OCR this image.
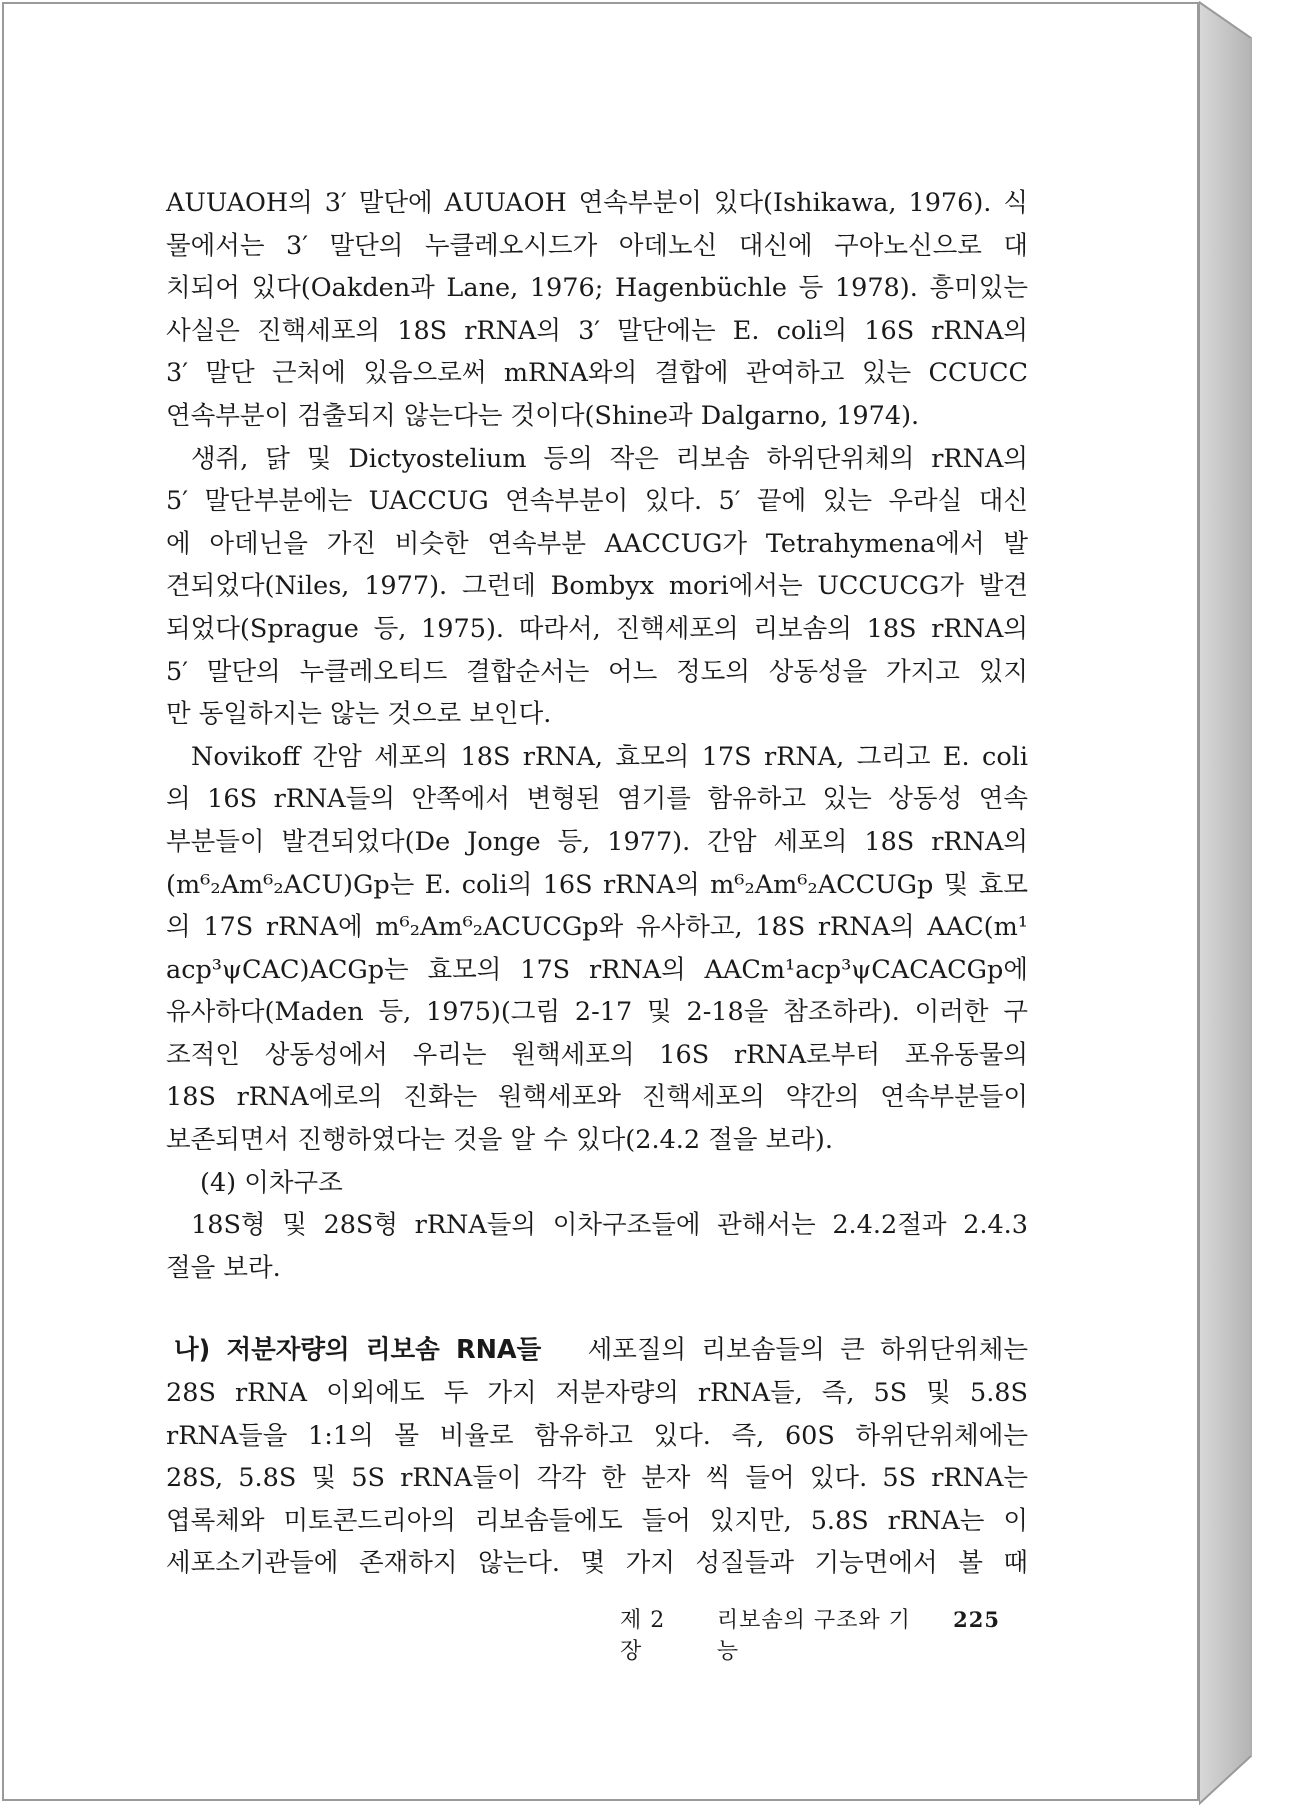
AUUAOH의 3′ 말단에 AUUAOH 연속부분이 있다(Ishikawa, 1976). 식

물에서는 3′ 말단의 누클레오시드가 아데노신 대신에 구아노신으로 대

치되어 있다(Oakden과 Lane, 1976; Hagenbüchle 등 1978). 흥미있는

사실은 진핵세포의 18S rRNA의 3′ 말단에는 E. coli의 16S rRNA의

3′ 말단 근처에 있음으로써 mRNA와의 결합에 관여하고 있는 CCUCC

연속부분이 검출되지 않는다는 것이다(Shine과 Dalgarno, 1974).

생쥐, 닭 및 Dictyostelium 등의 작은 리보솜 하위단위체의 rRNA의

5′ 말단부분에는 UACCUG 연속부분이 있다. 5′ 끝에 있는 우라실 대신

에 아데닌을 가진 비슷한 연속부분 AACCUG가 Tetrahymena에서 발

견되었다(Niles, 1977). 그런데 Bombyx mori에서는 UCCUCG가 발견

되었다(Sprague 등, 1975). 따라서, 진핵세포의 리보솜의 18S rRNA의

5′ 말단의 누클레오티드 결합순서는 어느 정도의 상동성을 가지고 있지

만 동일하지는 않는 것으로 보인다.

Novikoff 간암 세포의 18S rRNA, 효모의 17S rRNA, 그리고 E. coli

의 16S rRNA들의 안쪽에서 변형된 염기를 함유하고 있는 상동성 연속

부분들이 발견되었다(De Jonge 등, 1977). 간암 세포의 18S rRNA의

(m⁶₂Am⁶₂ACU)Gp는 E. coli의 16S rRNA의 m⁶₂Am⁶₂ACCUGp 및 효모

의 17S rRNA에 m⁶₂Am⁶₂ACUCGp와 유사하고, 18S rRNA의 AAC(m¹

acp³ψCAC)ACGp는 효모의 17S rRNA의 AACm¹acp³ψCACACGp에

유사하다(Maden 등, 1975)(그림 2-17 및 2-18을 참조하라). 이러한 구

조적인 상동성에서 우리는 원핵세포의 16S rRNA로부터 포유동물의

18S rRNA에로의 진화는 원핵세포와 진핵세포의 약간의 연속부분들이

보존되면서 진행하였다는 것을 알 수 있다(2.4.2 절을 보라).

(4) 이차구조

18S형 및 28S형 rRNA들의 이차구조들에 관해서는 2.4.2절과 2.4.3

절을 보라.

나) 저분자량의 리보솜 RNA들 세포질의 리보솜들의 큰 하위단위체는

28S rRNA 이외에도 두 가지 저분자량의 rRNA들, 즉, 5S 및 5.8S

rRNA들을 1:1의 몰 비율로 함유하고 있다. 즉, 60S 하위단위체에는

28S, 5.8S 및 5S rRNA들이 각각 한 분자 씩 들어 있다. 5S rRNA는

엽록체와 미토콘드리아의 리보솜들에도 들어 있지만, 5.8S rRNA는 이

세포소기관들에 존재하지 않는다. 몇 가지 성질들과 기능면에서 볼 때

제 2 장
리보솜의 구조와 기능
225
